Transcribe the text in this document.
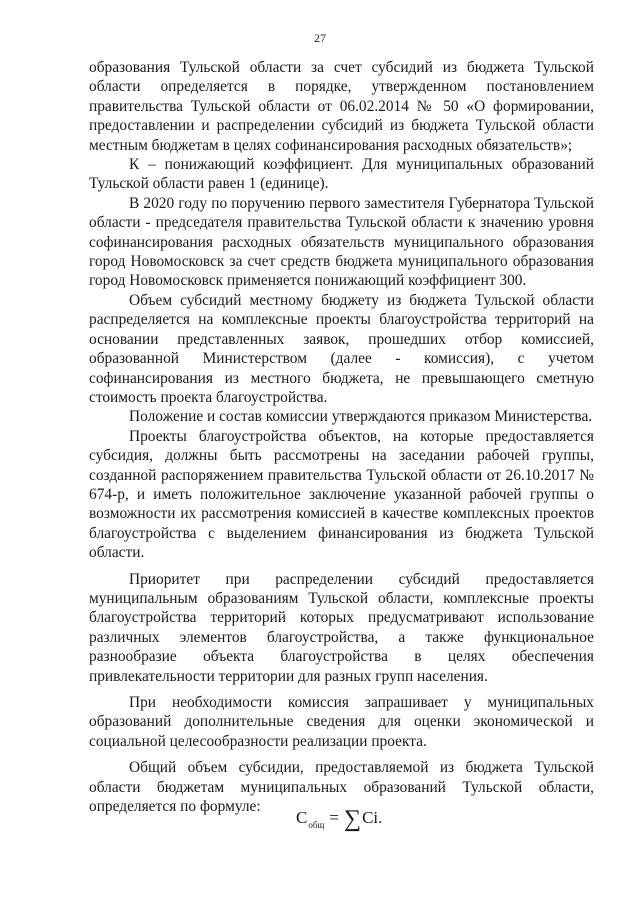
27

образования Тульской области за счет субсидий из бюджета Тульской области определяется в порядке, утвержденном постановлением правительства Тульской области от 06.02.2014 № 50 «О формировании, предоставлении и распределении субсидий из бюджета Тульской области местным бюджетам в целях софинансирования расходных обязательств»;

К – понижающий коэффициент. Для муниципальных образований Тульской области равен 1 (единице).

В 2020 году по поручению первого заместителя Губернатора Тульской области - председателя правительства Тульской области к значению уровня софинансирования расходных обязательств муниципального образования город Новомосковск за счет средств бюджета муниципального образования город Новомосковск применяется понижающий коэффициент 300.

Объем субсидий местному бюджету из бюджета Тульской области распределяется на комплексные проекты благоустройства территорий на основании представленных заявок, прошедших отбор комиссией, образованной Министерством (далее - комиссия), с учетом софинансирования из местного бюджета, не превышающего сметную стоимость проекта благоустройства.

Положение и состав комиссии утверждаются приказом Министерства.

Проекты благоустройства объектов, на которые предоставляется субсидия, должны быть рассмотрены на заседании рабочей группы, созданной распоряжением правительства Тульской области от 26.10.2017 № 674-р, и иметь положительное заключение указанной рабочей группы о возможности их рассмотрения комиссией в качестве комплексных проектов благоустройства с выделением финансирования из бюджета Тульской области.

Приоритет при распределении субсидий предоставляется муниципальным образованиям Тульской области, комплексные проекты благоустройства территорий которых предусматривают использование различных элементов благоустройства, а также функциональное разнообразие объекта благоустройства в целях обеспечения привлекательности территории для разных групп населения.

При необходимости комиссия запрашивает у муниципальных образований дополнительные сведения для оценки экономической и социальной целесообразности реализации проекта.

Общий объем субсидии, предоставляемой из бюджета Тульской области бюджетам муниципальных образований Тульской области, определяется по формуле:

С общ = ∑ Ci.
